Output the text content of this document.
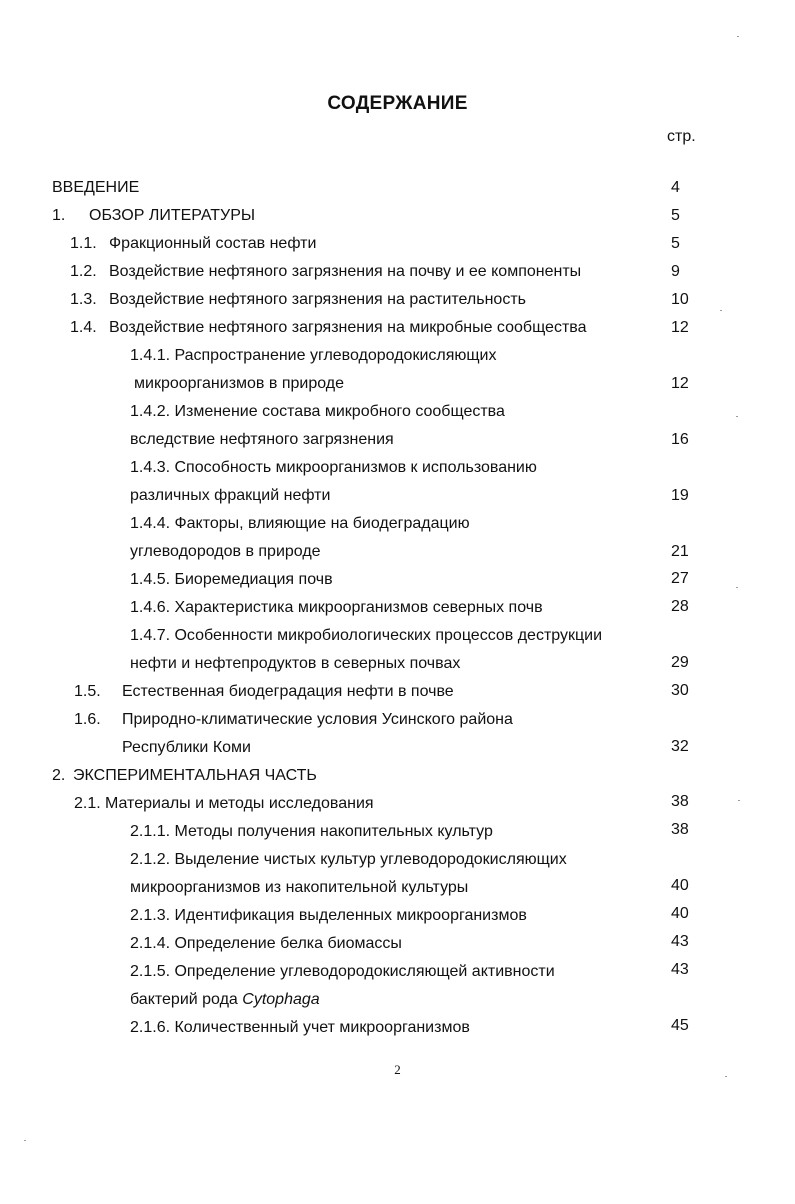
СОДЕРЖАНИЕ
стр.
ВВЕДЕНИЕ	4
1. ОБЗОР ЛИТЕРАТУРЫ	5
1.1. Фракционный состав нефти	5
1.2. Воздействие нефтяного загрязнения на почву и ее компоненты	9
1.3. Воздействие нефтяного загрязнения на растительность	10
1.4. Воздействие нефтяного загрязнения на микробные сообщества	12
1.4.1. Распространение углеводородокисляющих
микроорганизмов в природе	12
1.4.2. Изменение состава микробного сообщества
вследствие нефтяного загрязнения	16
1.4.3. Способность микроорганизмов к использованию
различных фракций нефти	19
1.4.4. Факторы, влияющие на биодеградацию
углеводородов в природе	21
1.4.5. Биоремедиация почв	27
1.4.6. Характеристика микроорганизмов северных почв	28
1.4.7. Особенности микробиологических процессов деструкции
нефти и нефтепродуктов в северных почвах	29
1.5. Естественная биодеградация нефти в почве	30
1.6. Природно-климатические условия Усинского района
Республики Коми	32
2. ЭКСПЕРИМЕНТАЛЬНАЯ ЧАСТЬ
2.1. Материалы и методы исследования	38
2.1.1. Методы получения накопительных культур	38
2.1.2. Выделение чистых культур углеводородокисляющих
микроорганизмов из накопительной культуры	40
2.1.3. Идентификация выделенных микроорганизмов	40
2.1.4. Определение белка биомассы	43
2.1.5. Определение углеводородокисляющей активности
бактерий рода Cytophaga
43
2.1.6. Количественный учет микроорганизмов	45
2
